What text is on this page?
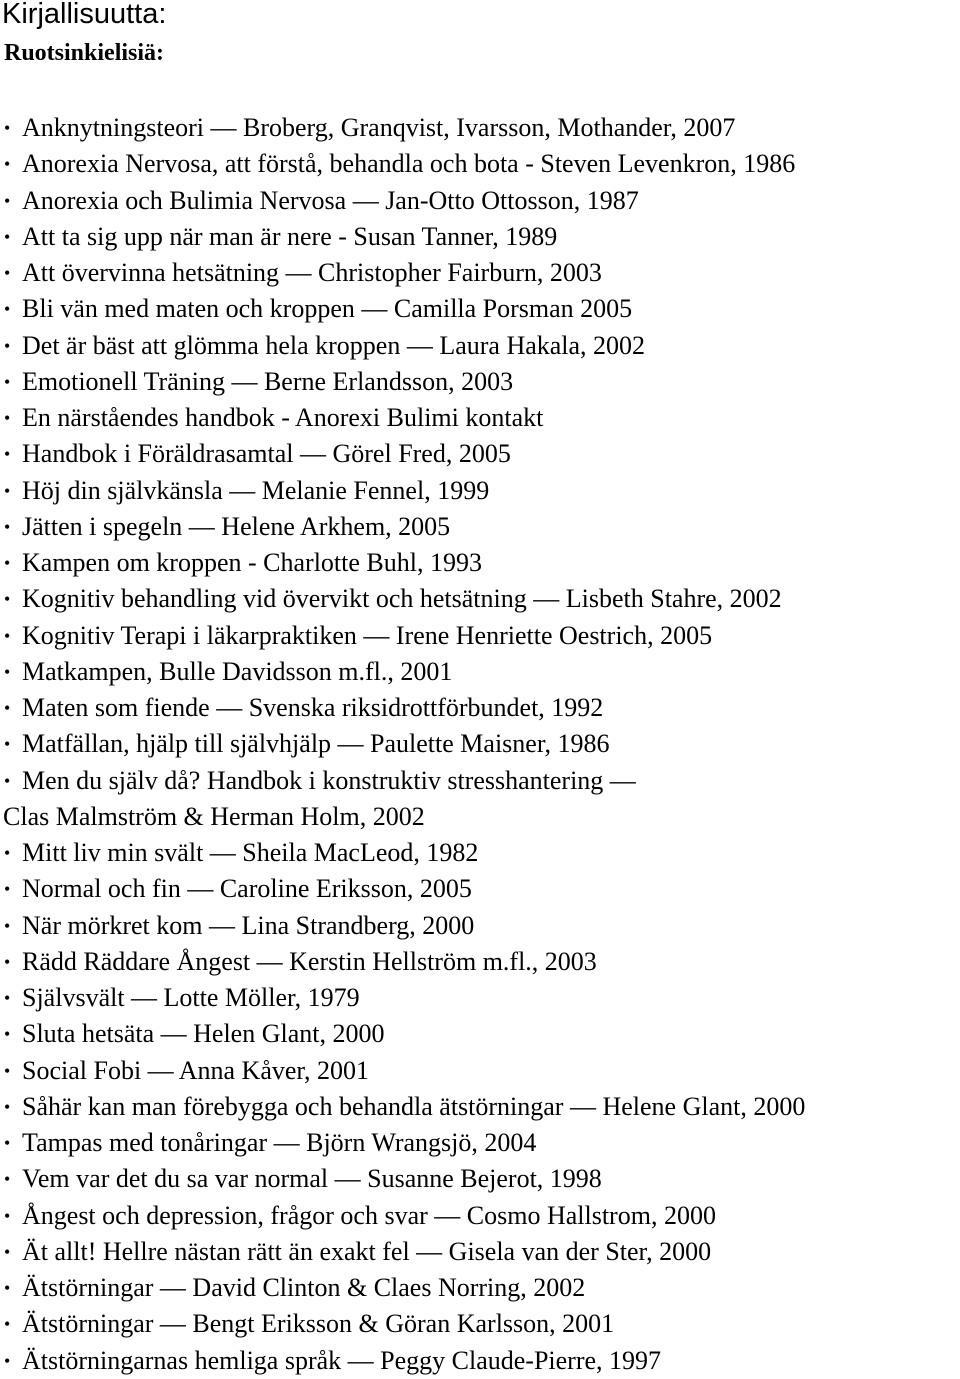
Kirjallisuutta:
Ruotsinkielisiä:
• Anknytningsteori — Broberg, Granqvist, Ivarsson, Mothander, 2007
• Anorexia Nervosa, att förstå, behandla och bota - Steven Levenkron, 1986
• Anorexia och Bulimia Nervosa — Jan-Otto Ottosson, 1987
• Att ta sig upp när man är nere - Susan Tanner, 1989
• Att övervinna hetsätning — Christopher Fairburn, 2003
• Bli vän med maten och kroppen — Camilla Porsman 2005
• Det är bäst att glömma hela kroppen — Laura Hakala, 2002
• Emotionell Träning — Berne Erlandsson, 2003
• En närståendes handbok - Anorexi Bulimi kontakt
• Handbok i Föräldrasamtal — Görel Fred, 2005
• Höj din självkänsla — Melanie Fennel, 1999
• Jätten i spegeln — Helene Arkhem, 2005
• Kampen om kroppen - Charlotte Buhl, 1993
• Kognitiv behandling vid övervikt och hetsätning — Lisbeth Stahre, 2002
• Kognitiv Terapi i läkarpraktiken — Irene Henriette Oestrich, 2005
• Matkampen, Bulle Davidsson m.fl., 2001
• Maten som fiende — Svenska riksidrottförbundet, 1992
• Matfällan, hjälp till självhjälp — Paulette Maisner, 1986
• Men du själv då? Handbok i konstruktiv stresshantering —
Clas Malmström & Herman Holm, 2002
• Mitt liv min svält — Sheila MacLeod, 1982
• Normal och fin — Caroline Eriksson, 2005
• När mörkret kom — Lina Strandberg, 2000
• Rädd Räddare Ångest — Kerstin Hellström m.fl., 2003
• Självsvält — Lotte Möller, 1979
• Sluta hetsäta — Helen Glant, 2000
• Social Fobi — Anna Kåver, 2001
• Såhär kan man förebygga och behandla ätstörningar — Helene Glant, 2000
• Tampas med tonåringar — Björn Wrangsjö, 2004
• Vem var det du sa var normal — Susanne Bejerot, 1998
• Ångest och depression, frågor och svar — Cosmo Hallstrom, 2000
• Ät allt! Hellre nästan rätt än exakt fel — Gisela van der Ster, 2000
• Ätstörningar — David Clinton & Claes Norring, 2002
• Ätstörningar — Bengt Eriksson & Göran Karlsson, 2001
• Ätstörningarnas hemliga språk — Peggy Claude-Pierre, 1997
